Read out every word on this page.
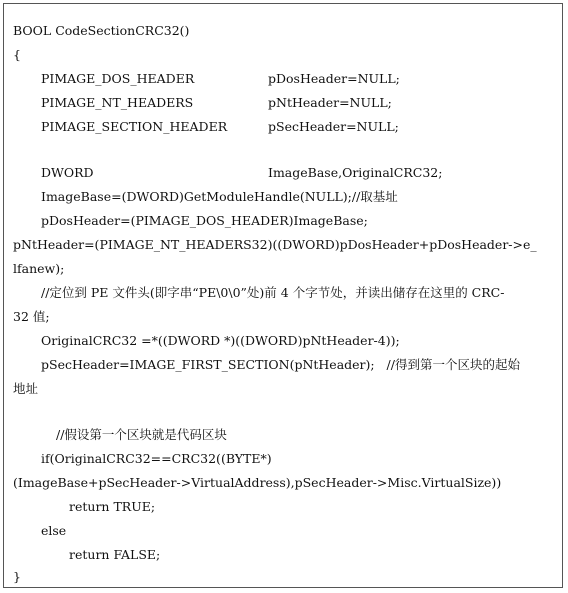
BOOL CodeSectionCRC32()
{
PIMAGE_DOS_HEADER	pDosHeader=NULL;
PIMAGE_NT_HEADERS	pNtHeader=NULL;
PIMAGE_SECTION_HEADER	pSecHeader=NULL;
DWORD	ImageBase,OriginalCRC32;
ImageBase=(DWORD)GetModuleHandle(NULL);//取基址
pDosHeader=(PIMAGE_DOS_HEADER)ImageBase;
pNtHeader=(PIMAGE_NT_HEADERS32)((DWORD)pDosHeader+pDosHeader->e_
lfanew);
//定位到 PE 文件头(即字串“PE\0\0”处)前 4 个字节处，并读出储存在这里的 CRC-
32 值;
OriginalCRC32 =*((DWORD *)((DWORD)pNtHeader-4));
pSecHeader=IMAGE_FIRST_SECTION(pNtHeader);   //得到第一个区块的起始
地址
//假设第一个区块就是代码区块
if(OriginalCRC32==CRC32((BYTE*)
(ImageBase+pSecHeader->VirtualAddress),pSecHeader->Misc.VirtualSize))
return TRUE;
else
return FALSE;
}
